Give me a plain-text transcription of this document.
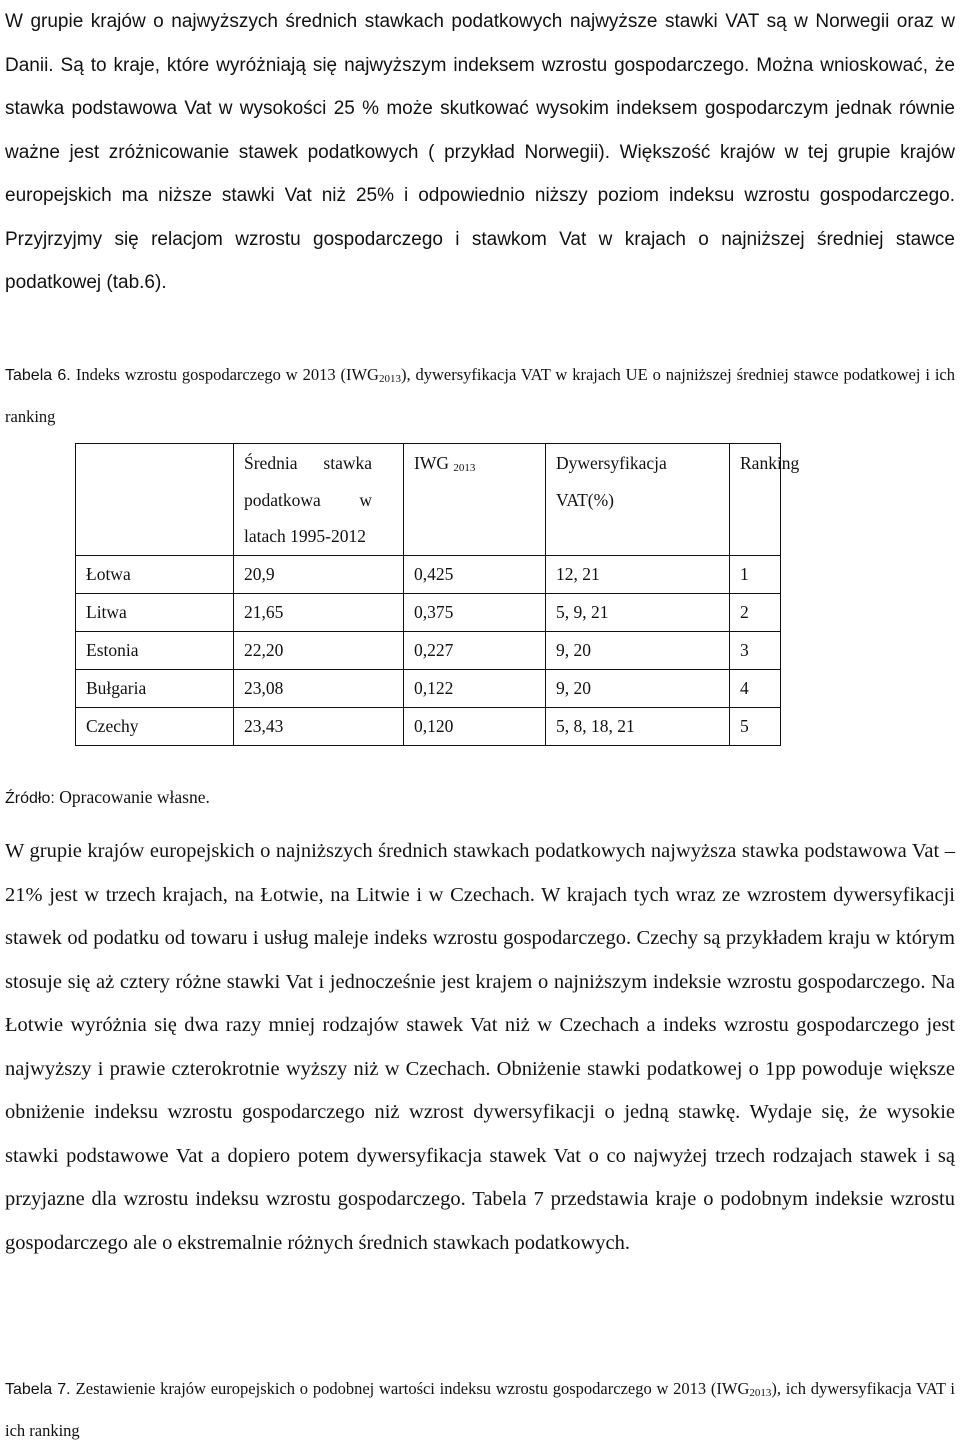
W grupie krajów o najwyższych średnich stawkach podatkowych najwyższe stawki VAT są w Norwegii oraz w Danii. Są to kraje, które wyróżniają się najwyższym indeksem wzrostu gospodarczego. Można wnioskować, że stawka podstawowa Vat w wysokości 25 % może skutkować wysokim indeksem gospodarczym jednak równie ważne jest zróżnicowanie stawek podatkowych ( przykład Norwegii). Większość krajów w tej grupie krajów europejskich ma niższe stawki Vat niż 25% i odpowiednio niższy poziom indeksu wzrostu gospodarczego. Przyjrzyjmy się relacjom wzrostu gospodarczego i stawkom Vat w krajach o najniższej średniej stawce podatkowej (tab.6).

Tabela 6. Indeks wzrostu gospodarczego w 2013 $(IWG_{2013})$, dywersyfikacja VAT w krajach UE o najniższej średniej stawce podatkowej i ich ranking

	Średnia stawka podatkowa w latach 1995-2012	IWG $_{2013}$	Dywersyfikacja VAT(%)	Ranking
Łotwa	20,9	0,425	12, 21	1
Litwa	21,65	0,375	5, 9, 21	2
Estonia	22,20	0,227	9, 20	3
Bułgaria	23,08	0,122	9, 20	4
Czechy	23,43	0,120	5, 8, 18, 21	5

Źródło: Opracowanie własne.

W grupie krajów europejskich o najniższych średnich stawkach podatkowych najwyższa stawka podstawowa Vat – 21% jest w trzech krajach, na Łotwie, na Litwie i w Czechach. W krajach tych wraz ze wzrostem dywersyfikacji stawek od podatku od towaru i usług maleje indeks wzrostu gospodarczego. Czechy są przykładem kraju w którym stosuje się aż cztery różne stawki Vat i jednocześnie jest krajem o najniższym indeksie wzrostu gospodarczego. Na Łotwie wyróżnia się dwa razy mniej rodzajów stawek Vat niż w Czechach a indeks wzrostu gospodarczego jest najwyższy i prawie czterokrotnie wyższy niż w Czechach. Obniżenie stawki podatkowej o 1pp powoduje większe obniżenie indeksu wzrostu gospodarczego niż wzrost dywersyfikacji o jedną stawkę. Wydaje się, że wysokie stawki podstawowe Vat a dopiero potem dywersyfikacja stawek Vat o co najwyżej trzech rodzajach stawek i są przyjazne dla wzrostu indeksu wzrostu gospodarczego. Tabela 7 przedstawia kraje o podobnym indeksie wzrostu gospodarczego ale o ekstremalnie różnych średnich stawkach podatkowych.

Tabela 7. Zestawienie krajów europejskich o podobnej wartości indeksu wzrostu gospodarczego w 2013 $(IWG_{2013})$, ich dywersyfikacja VAT i ich ranking
